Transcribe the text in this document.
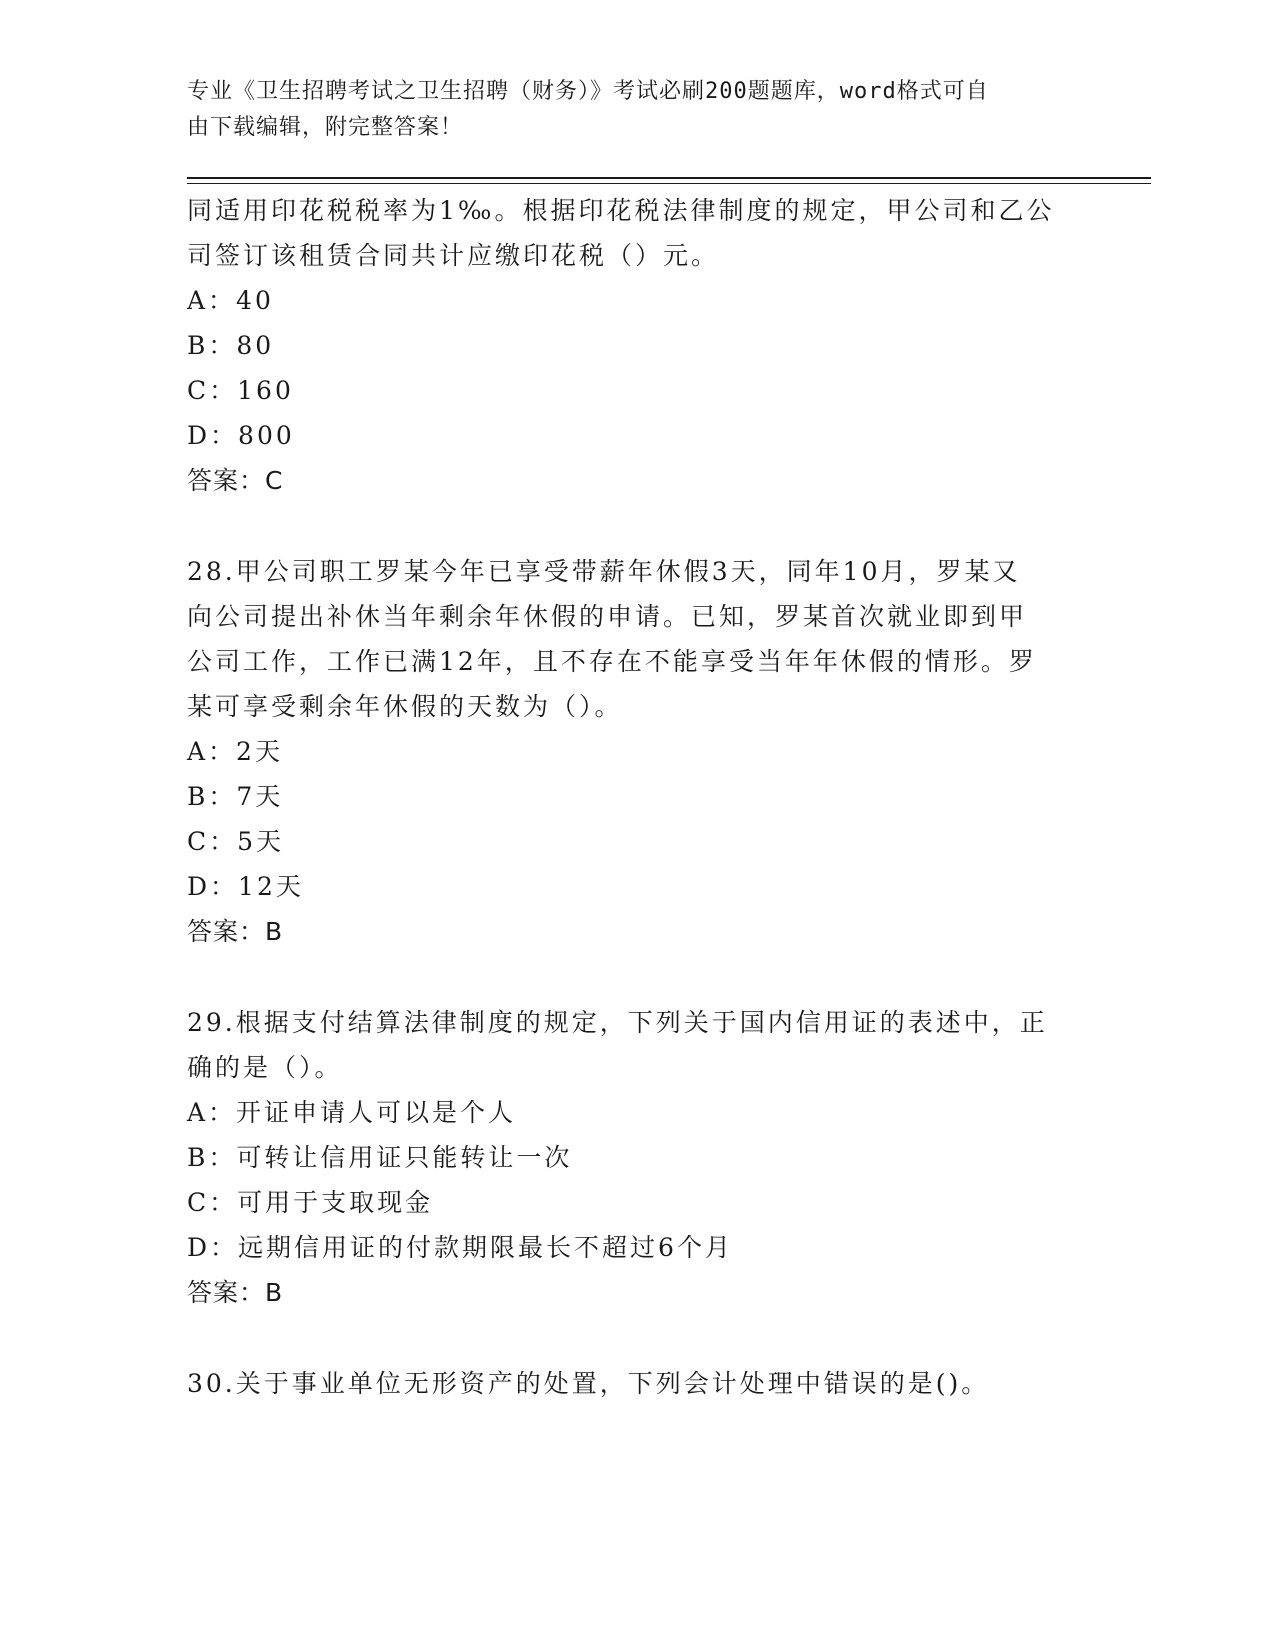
专业《卫生招聘考试之卫生招聘（财务）》考试必刷200题题库，word格式可自
由下载编辑，附完整答案！
同适用印花税税率为1‰。根据印花税法律制度的规定，甲公司和乙公
司签订该租赁合同共计应缴印花税（）元。
A：40
B：80
C：160
D：800
答案：C
28.甲公司职工罗某今年已享受带薪年休假3天，同年10月，罗某又
向公司提出补休当年剩余年休假的申请。已知，罗某首次就业即到甲
公司工作，工作已满12年，且不存在不能享受当年年休假的情形。罗
某可享受剩余年休假的天数为（）。
A：2天
B：7天
C：5天
D：12天
答案：B
29.根据支付结算法律制度的规定，下列关于国内信用证的表述中，正
确的是（）。
A：开证申请人可以是个人
B：可转让信用证只能转让一次
C：可用于支取现金
D：远期信用证的付款期限最长不超过6个月
答案：B
30.关于事业单位无形资产的处置，下列会计处理中错误的是()。
